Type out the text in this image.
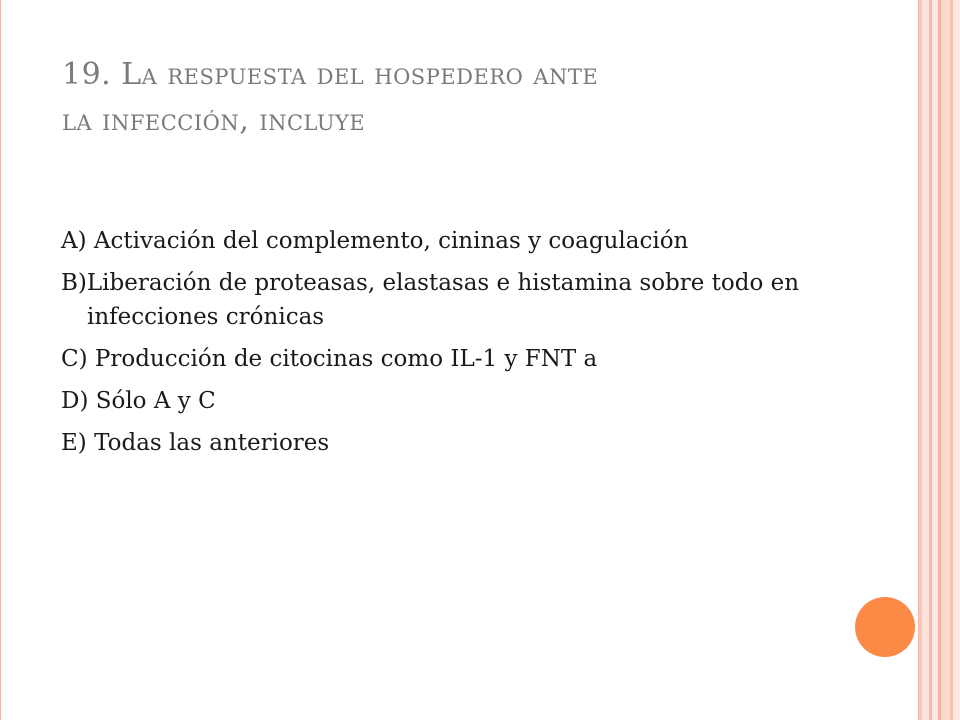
19. La respuesta del hospedero ante
la infección, incluye
A) Activación del complemento, cininas y coagulación
B)Liberación de proteasas, elastasas e histamina sobre todo en infecciones crónicas
C) Producción de citocinas como IL-1 y FNT a
D) Sólo A y C
E) Todas las anteriores
